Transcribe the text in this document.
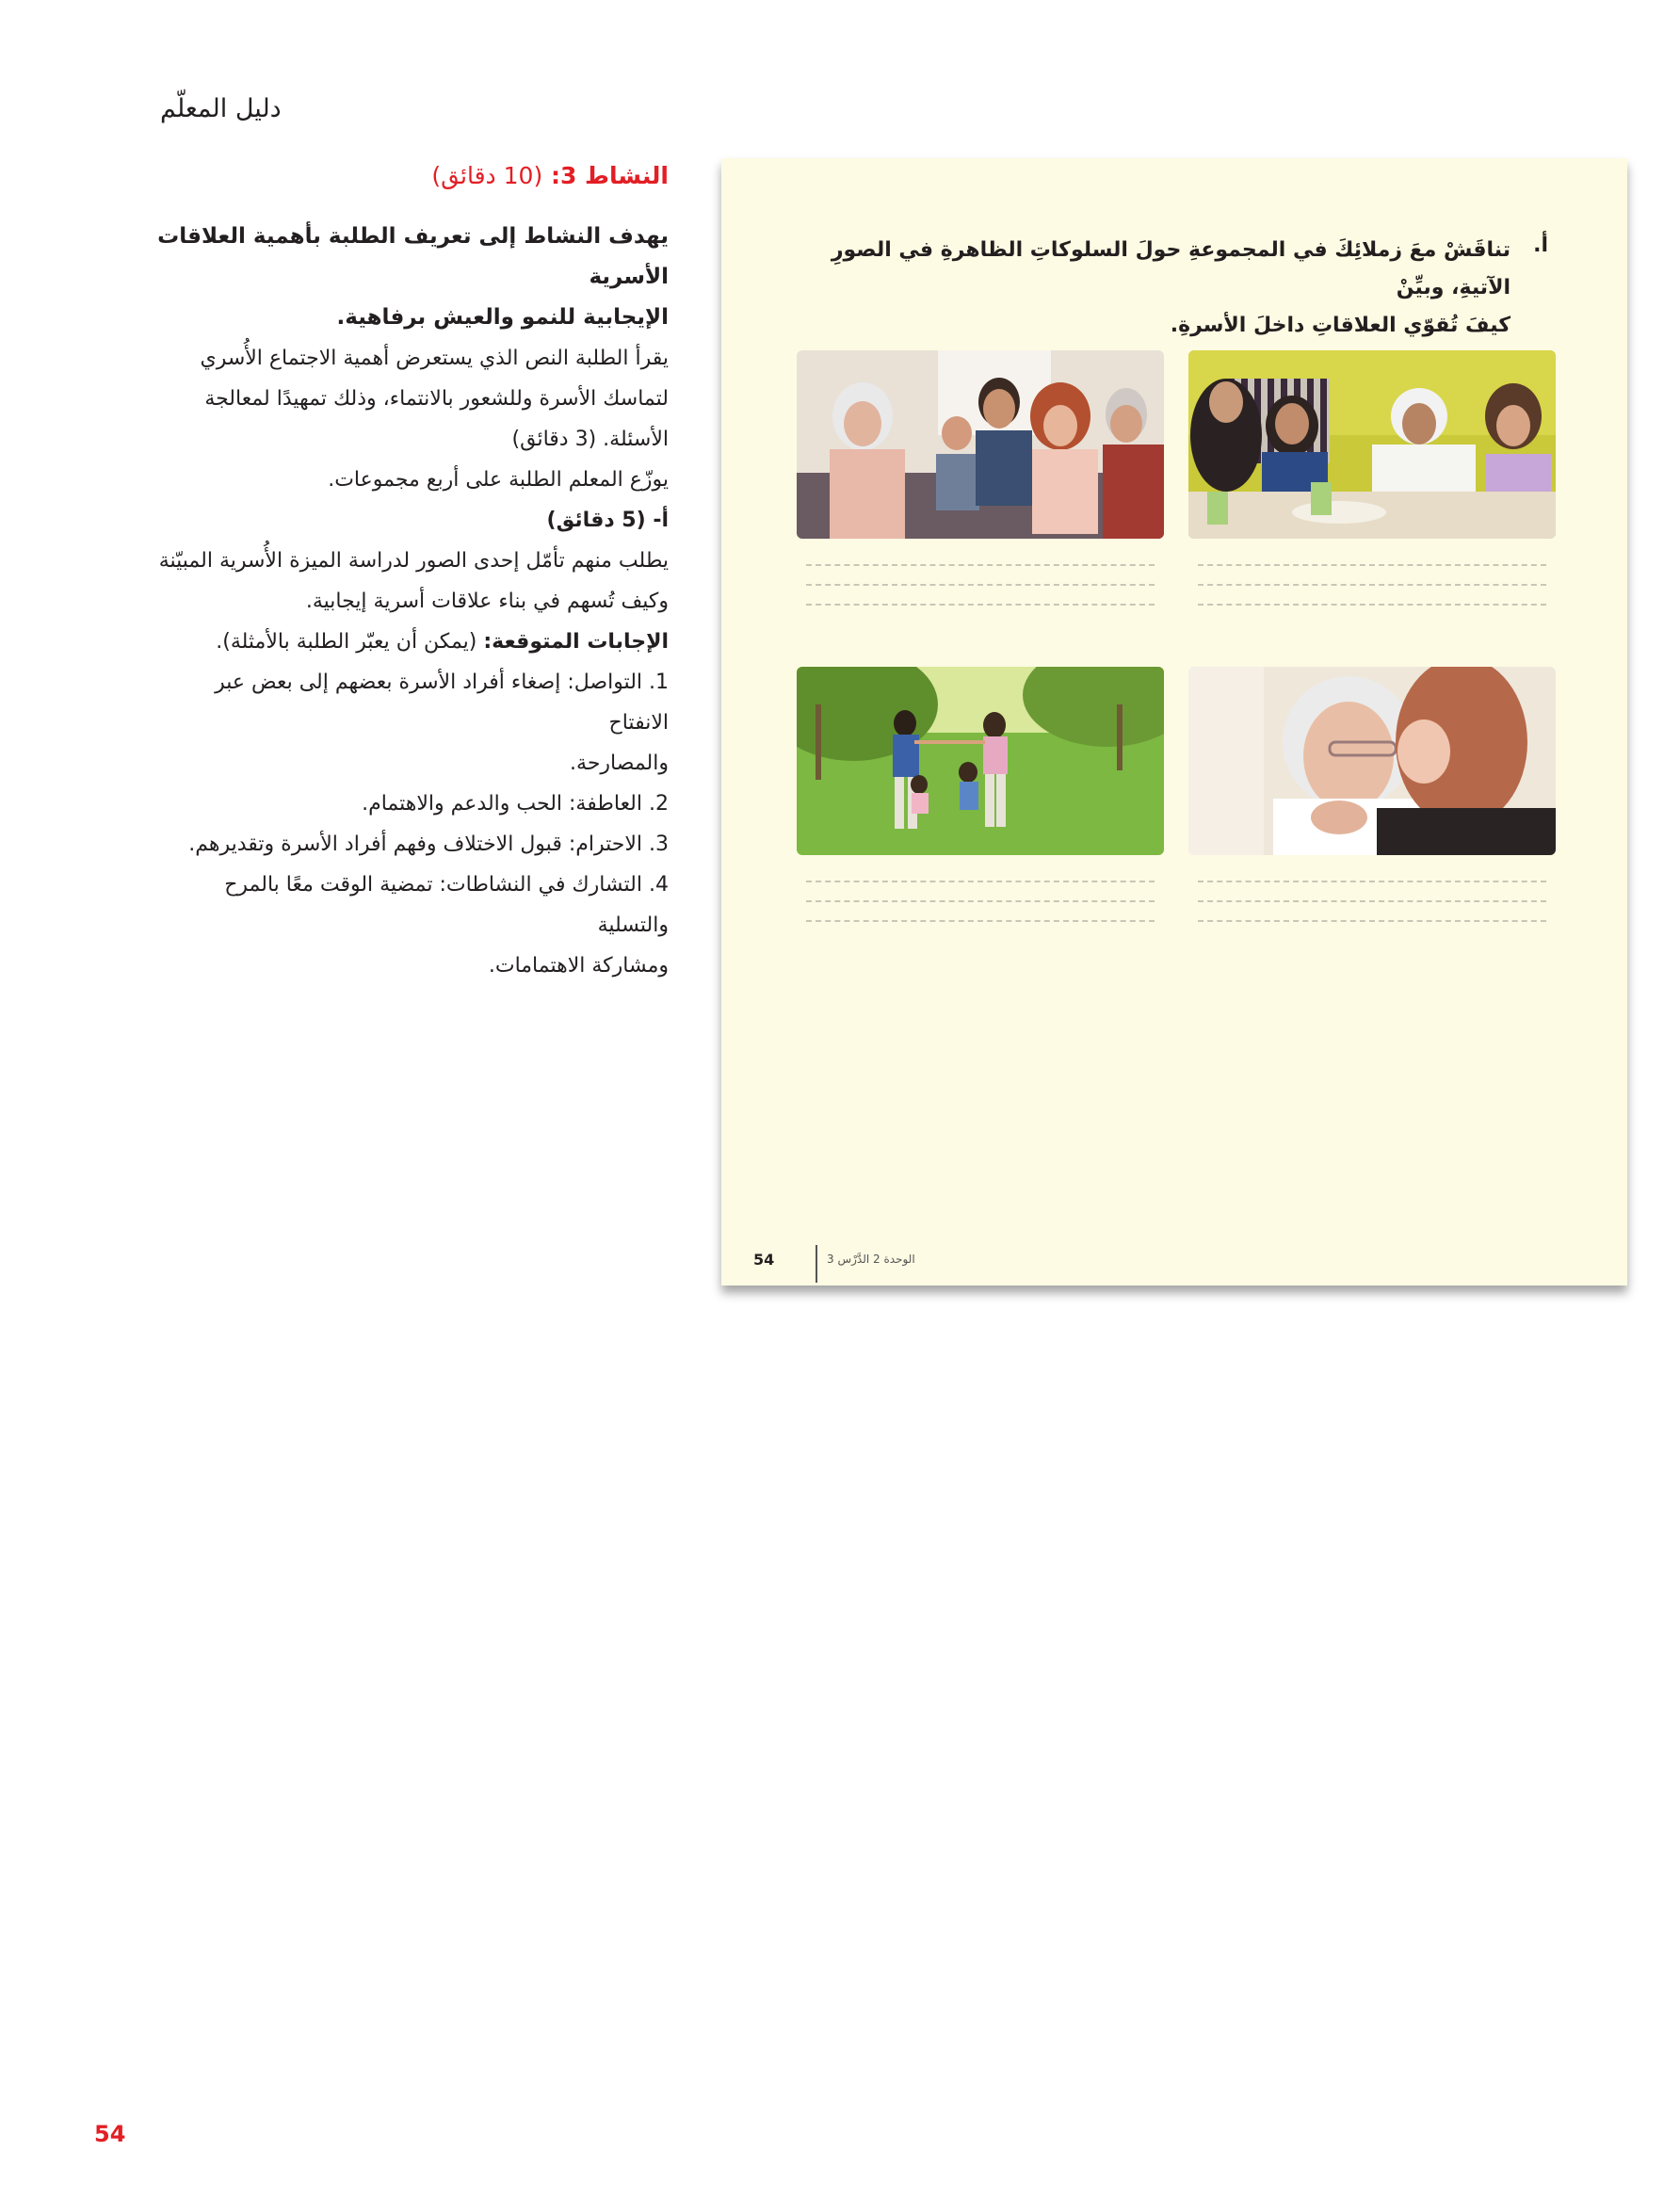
دليل المعلّم
النشاط 3: (10 دقائق)

يهدف النشاط إلى تعريف الطلبة بأهمية العلاقات الأسرية

الإيجابية للنمو والعيش برفاهية.

يقرأ الطلبة النص الذي يستعرض أهمية الاجتماع الأُسري

لتماسك الأسرة وللشعور بالانتماء، وذلك تمهيدًا لمعالجة

الأسئلة. (3 دقائق)

يوزّع المعلم الطلبة على أربع مجموعات.

أ- (5 دقائق)

يطلب منهم تأمّل إحدى الصور لدراسة الميزة الأُسرية المبيّنة

وكيف تُسهم في بناء علاقات أسرية إيجابية.

الإجابات المتوقعة: (يمكن أن يعبّر الطلبة بالأمثلة).

1. التواصل: إصغاء أفراد الأسرة بعضهم إلى بعض عبر الانفتاح

والمصارحة.

2. العاطفة: الحب والدعم والاهتمام.

3. الاحترام: قبول الاختلاف وفهم أفراد الأسرة وتقديرهم.

4. التشارك في النشاطات: تمضية الوقت معًا بالمرح والتسلية

ومشاركة الاهتمامات.

أ.
تناقَشْ معَ زملائِكَ في المجموعةِ حولَ السلوكاتِ الظاهرةِ في الصورِ الآتيةِ، وبيِّنْ
كيفَ تُقوّي العلاقاتِ داخلَ الأسرةِ.
54	الوحدة 2 الدَّرْس 3
54
